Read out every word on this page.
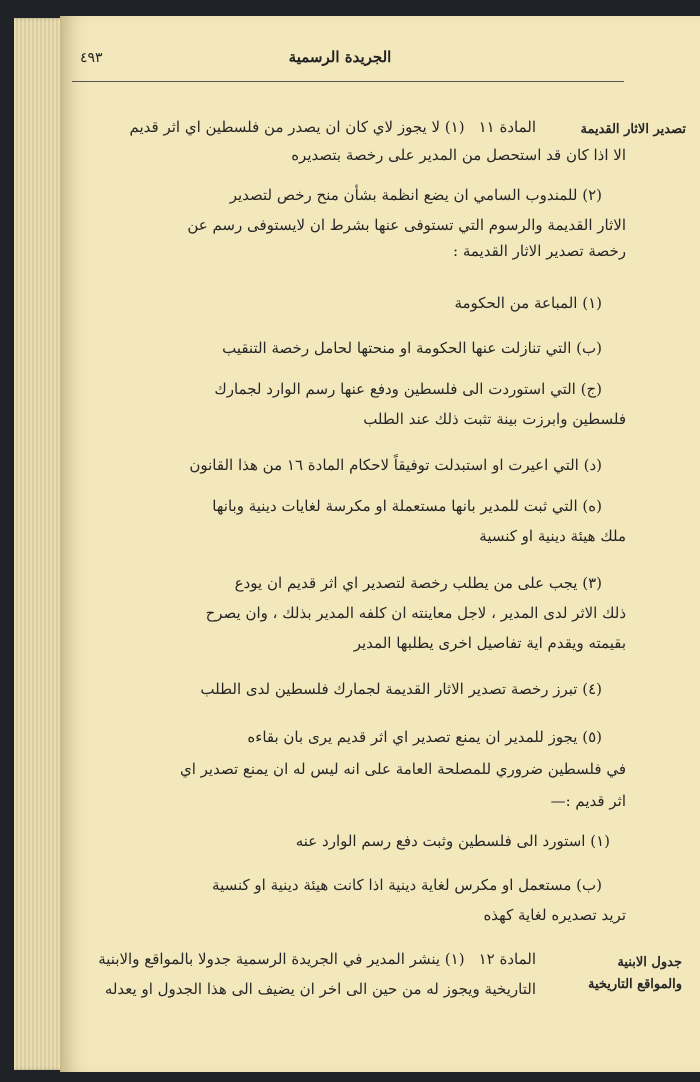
الجريدة الرسمية
٤٩٣
تصدير الاثار القديمة
المادة ١١(١) لا يجوز لاي كان ان يصدر من فلسطين اي اثر قديم
الا اذا كان قد استحصل من المدير على رخصة بتصديره
(٢) للمندوب السامي ان يضع انظمة بشأن منح رخص لتصدير
الاثار القديمة والرسوم التي تستوفى عنها بشرط ان لايستوفى رسم عن
رخصة تصدير الاثار القديمة :
(١) المباعة من الحكومة
(ب) التي تنازلت عنها الحكومة او منحتها لحامل رخصة التنقيب
(ج) التي استوردت الى فلسطين ودفع عنها رسم الوارد لجمارك
فلسطين وابرزت بينة تثبت ذلك عند الطلب
(د) التي اعيرت او استبدلت توفيقاً لاحكام المادة ١٦ من هذا القانون
(ه) التي ثبت للمدير بانها مستعملة او مكرسة لغايات دينية وبانها
ملك هيئة دينية او كنسية
(٣) يجب على من يطلب رخصة لتصدير اي اثر قديم ان يودع
ذلك الاثر لدى المدير ، لاجل معاينته ان كلفه المدير بذلك ، وان يصرح
بقيمته ويقدم اية تفاصيل اخرى يطلبها المدير
(٤) تبرز رخصة تصدير الاثار القديمة لجمارك فلسطين لدى الطلب
(٥) يجوز للمدير ان يمنع تصدير اي اثر قديم يرى بان بقاءه
في فلسطين ضروري للمصلحة العامة على انه ليس له ان يمنع تصدير اي
اثر قديم :—
(١) استورد الى فلسطين وثبت دفع رسم الوارد عنه
(ب) مستعمل او مكرس لغاية دينية اذا كانت هيئة دينية او كنسية
تريد تصديره لغاية كهذه
جدول الابنية
والمواقع التاريخية
المادة ١٢(١) ينشر المدير في الجريدة الرسمية جدولا بالمواقع والابنية
التاريخية ويجوز له من حين الى اخر ان يضيف الى هذا الجدول او يعدله
